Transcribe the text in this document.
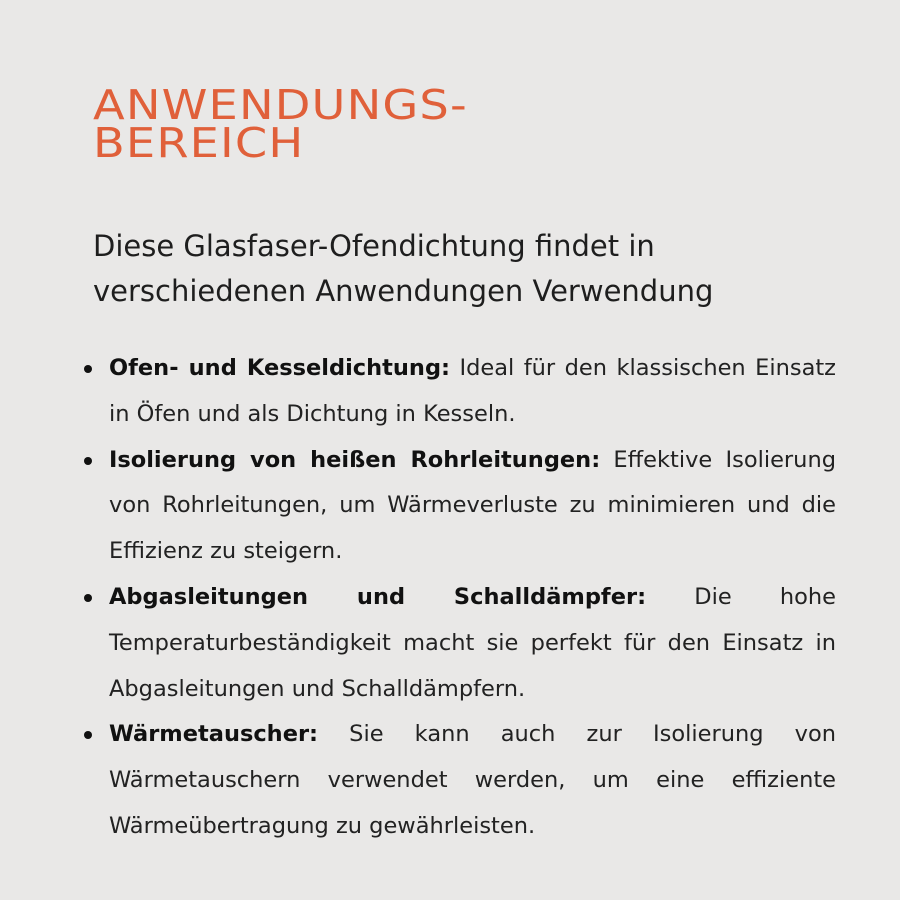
ANWENDUNGS-
BEREICH

Diese Glasfaser-Ofendichtung findet in verschiedenen Anwendungen Verwendung

Ofen- und Kesseldichtung: Ideal für den klassischen Einsatz in Öfen und als Dichtung in Kesseln.
Isolierung von heißen Rohrleitungen: Effektive Isolierung von Rohrleitungen, um Wärmeverluste zu minimieren und die Effizienz zu steigern.
Abgasleitungen und Schalldämpfer: Die hohe Temperaturbeständigkeit macht sie perfekt für den Einsatz in Abgasleitungen und Schalldämpfern.
Wärmetauscher: Sie kann auch zur Isolierung von Wärmetauschern verwendet werden, um eine effiziente Wärmeübertragung zu gewährleisten.
